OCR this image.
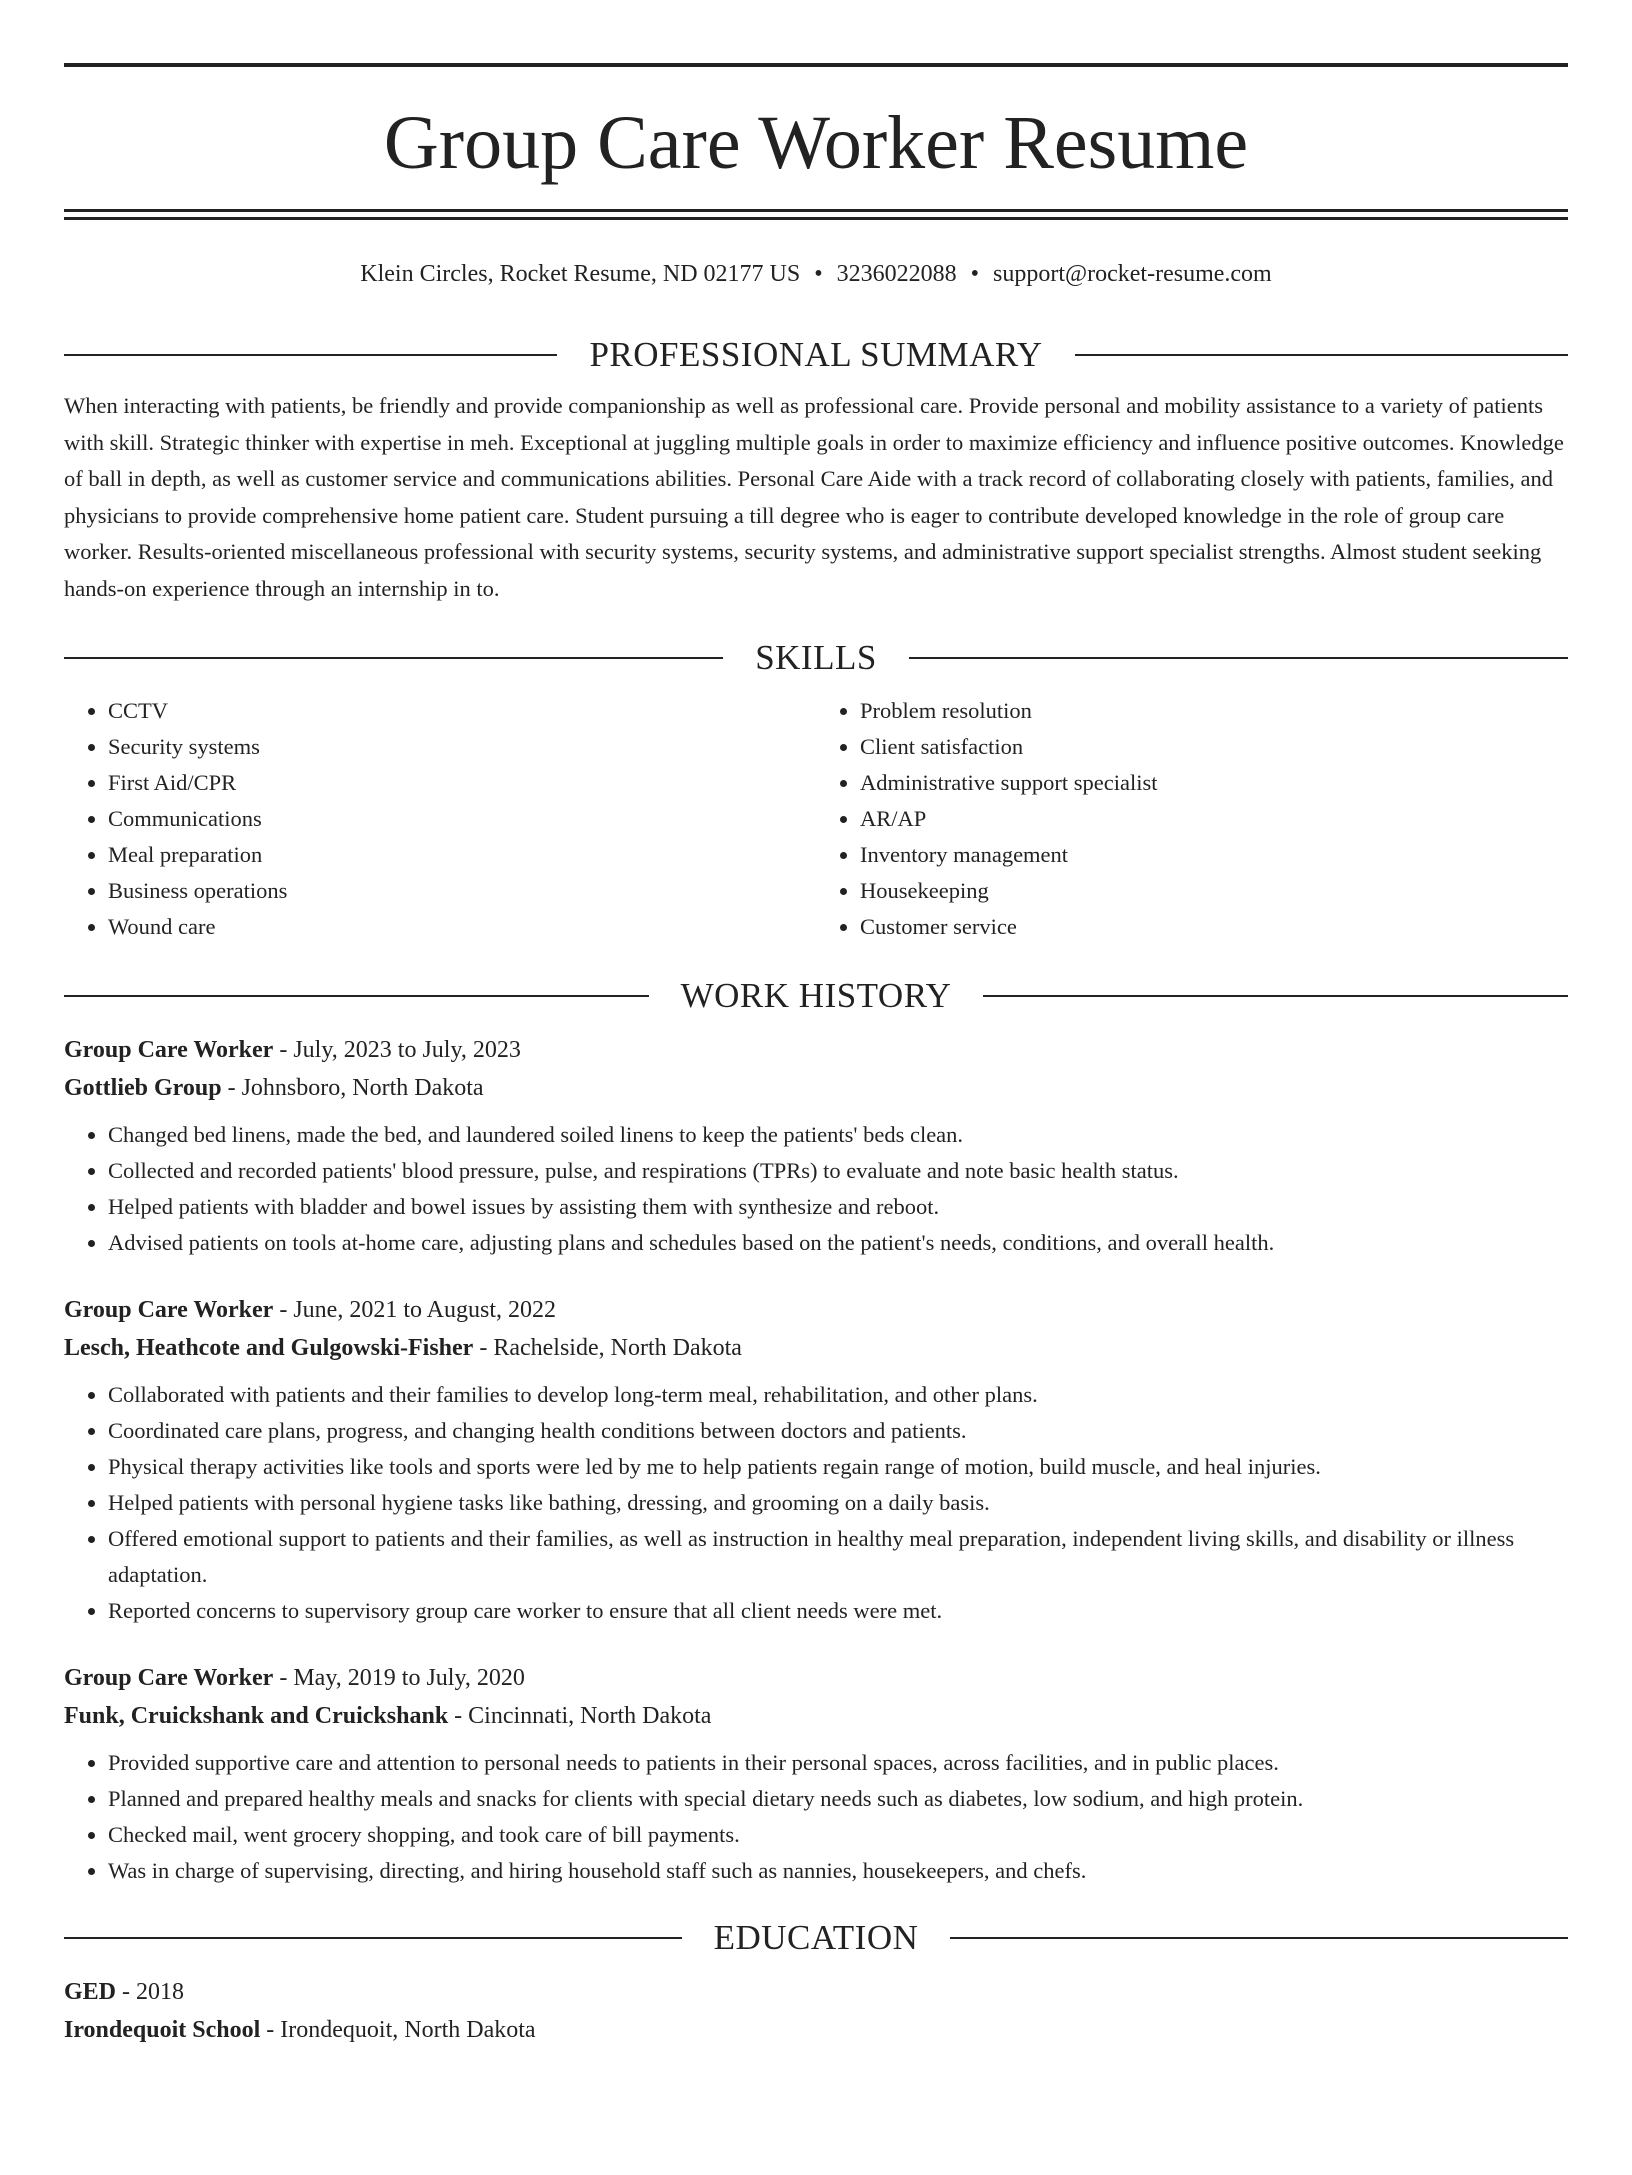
Group Care Worker Resume
Klein Circles, Rocket Resume, ND 02177 US • 3236022088 • support@rocket-resume.com
PROFESSIONAL SUMMARY

When interacting with patients, be friendly and provide companionship as well as professional care. Provide personal and mobility assistance to a variety of patients with skill. Strategic thinker with expertise in meh. Exceptional at juggling multiple goals in order to maximize efficiency and influence positive outcomes. Knowledge of ball in depth, as well as customer service and communications abilities. Personal Care Aide with a track record of collaborating closely with patients, families, and physicians to provide comprehensive home patient care. Student pursuing a till degree who is eager to contribute developed knowledge in the role of group care worker. Results-oriented miscellaneous professional with security systems, security systems, and administrative support specialist strengths. Almost student seeking hands-on experience through an internship in to.

SKILLS
• CCTV
• Security systems
• First Aid/CPR
• Communications
• Meal preparation
• Business operations
• Wound care
• Problem resolution
• Client satisfaction
• Administrative support specialist
• AR/AP
• Inventory management
• Housekeeping
• Customer service
WORK HISTORY
Group Care Worker - July, 2023 to July, 2023
Gottlieb Group - Johnsboro, North Dakota
• Changed bed linens, made the bed, and laundered soiled linens to keep the patients' beds clean.
• Collected and recorded patients' blood pressure, pulse, and respirations (TPRs) to evaluate and note basic health status.
• Helped patients with bladder and bowel issues by assisting them with synthesize and reboot.
• Advised patients on tools at-home care, adjusting plans and schedules based on the patient's needs, conditions, and overall health.
Group Care Worker - June, 2021 to August, 2022
Lesch, Heathcote and Gulgowski-Fisher - Rachelside, North Dakota
• Collaborated with patients and their families to develop long-term meal, rehabilitation, and other plans.
• Coordinated care plans, progress, and changing health conditions between doctors and patients.
• Physical therapy activities like tools and sports were led by me to help patients regain range of motion, build muscle, and heal injuries.
• Helped patients with personal hygiene tasks like bathing, dressing, and grooming on a daily basis.
• Offered emotional support to patients and their families, as well as instruction in healthy meal preparation, independent living skills, and disability or illness adaptation.
• Reported concerns to supervisory group care worker to ensure that all client needs were met.
Group Care Worker - May, 2019 to July, 2020
Funk, Cruickshank and Cruickshank - Cincinnati, North Dakota
• Provided supportive care and attention to personal needs to patients in their personal spaces, across facilities, and in public places.
• Planned and prepared healthy meals and snacks for clients with special dietary needs such as diabetes, low sodium, and high protein.
• Checked mail, went grocery shopping, and took care of bill payments.
• Was in charge of supervising, directing, and hiring household staff such as nannies, housekeepers, and chefs.
EDUCATION
GED - 2018
Irondequoit School - Irondequoit, North Dakota
